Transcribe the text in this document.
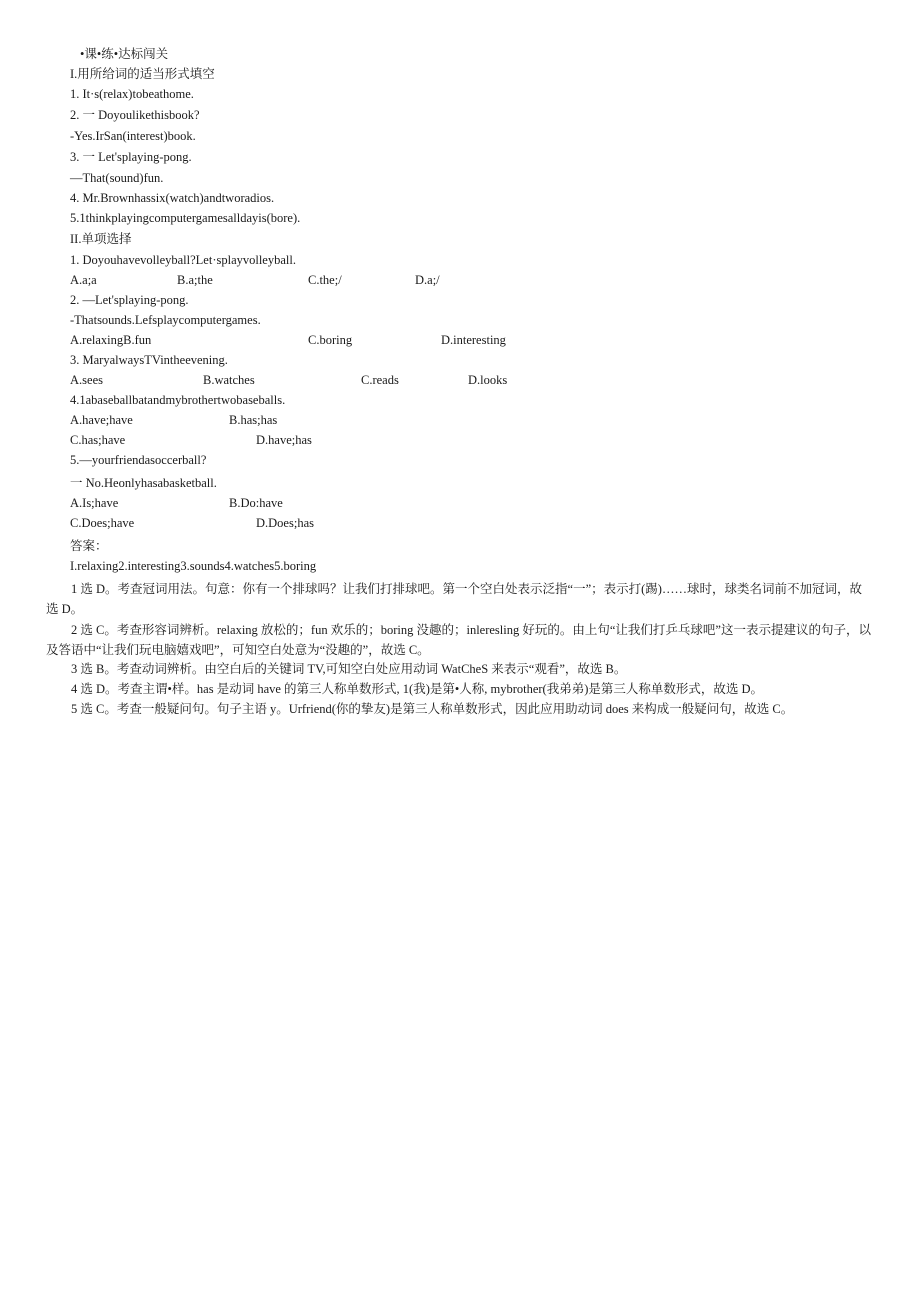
•课•练•达标闯关
I.用所给词的适当形式填空
1. It·s(relax)tobeathome.
2. 一 Doyoulikethisbook?
-Yes.IrSan(interest)book.
3. 一 Let'splaying-pong.
—That(sound)fun.
4. Mr.Brownhassix(watch)andtworadios.
5.1thinkplayingcomputergamesalldayis(bore).
II.单项选择
1. Doyouhavevolleyball?Let·splayvolleyball.
A.a;a	B.a;the	C.the;/	D.a;/
2. —Let'splaying-pong.
-Thatsounds.Lefsplaycomputergames.
A.relaxingB.fun	C.boring	D.interesting
3. MaryalwaysTVintheevening.
A.sees	B.watches	C.reads	D.looks
4.1abaseballbatandmybrothertwobaseballs.
A.have;have	B.has;has
C.has;have	D.have;has
5.—yourfriendasoccerball?
一 No.Heonlyhasabasketball.
A.Is;have	B.Do:have
C.Does;have	D.Does;has
答案：
I.relaxing2.interesting3.sounds4.watches5.boring
1 选 D。考查冠词用法。句意：你有一个排球吗？让我们打排球吧。第一个空白处表示泛指“一”；表示打(踢)……球时，球类名词前不加冠词，故选 D。
2 选 C。考查形容词辨析。relaxing 放松的；fun 欢乐的；boring 没趣的；inleresling 好玩的。由上句“让我们打乒乓球吧”这一表示提建议的句子，以及答语中“让我们玩电脑嬉戏吧”，可知空白处意为“没趣的”，故选 C。
3 选 B。考查动词辨析。由空白后的关键词 TV,可知空白处应用动词 WatCheS 来表示“观看”，故选 B。
4 选 D。考查主谓•样。has 是动词 have 的第三人称单数形式, 1(我)是第•人称, mybrother(我弟弟)是第三人称单数形式，故选 D。
5 选 C。考查一般疑问句。句子主语 y。Urfriend(你的挚友)是第三人称单数形式，因此应用助动词 does 来构成一般疑问句，故选 C。
